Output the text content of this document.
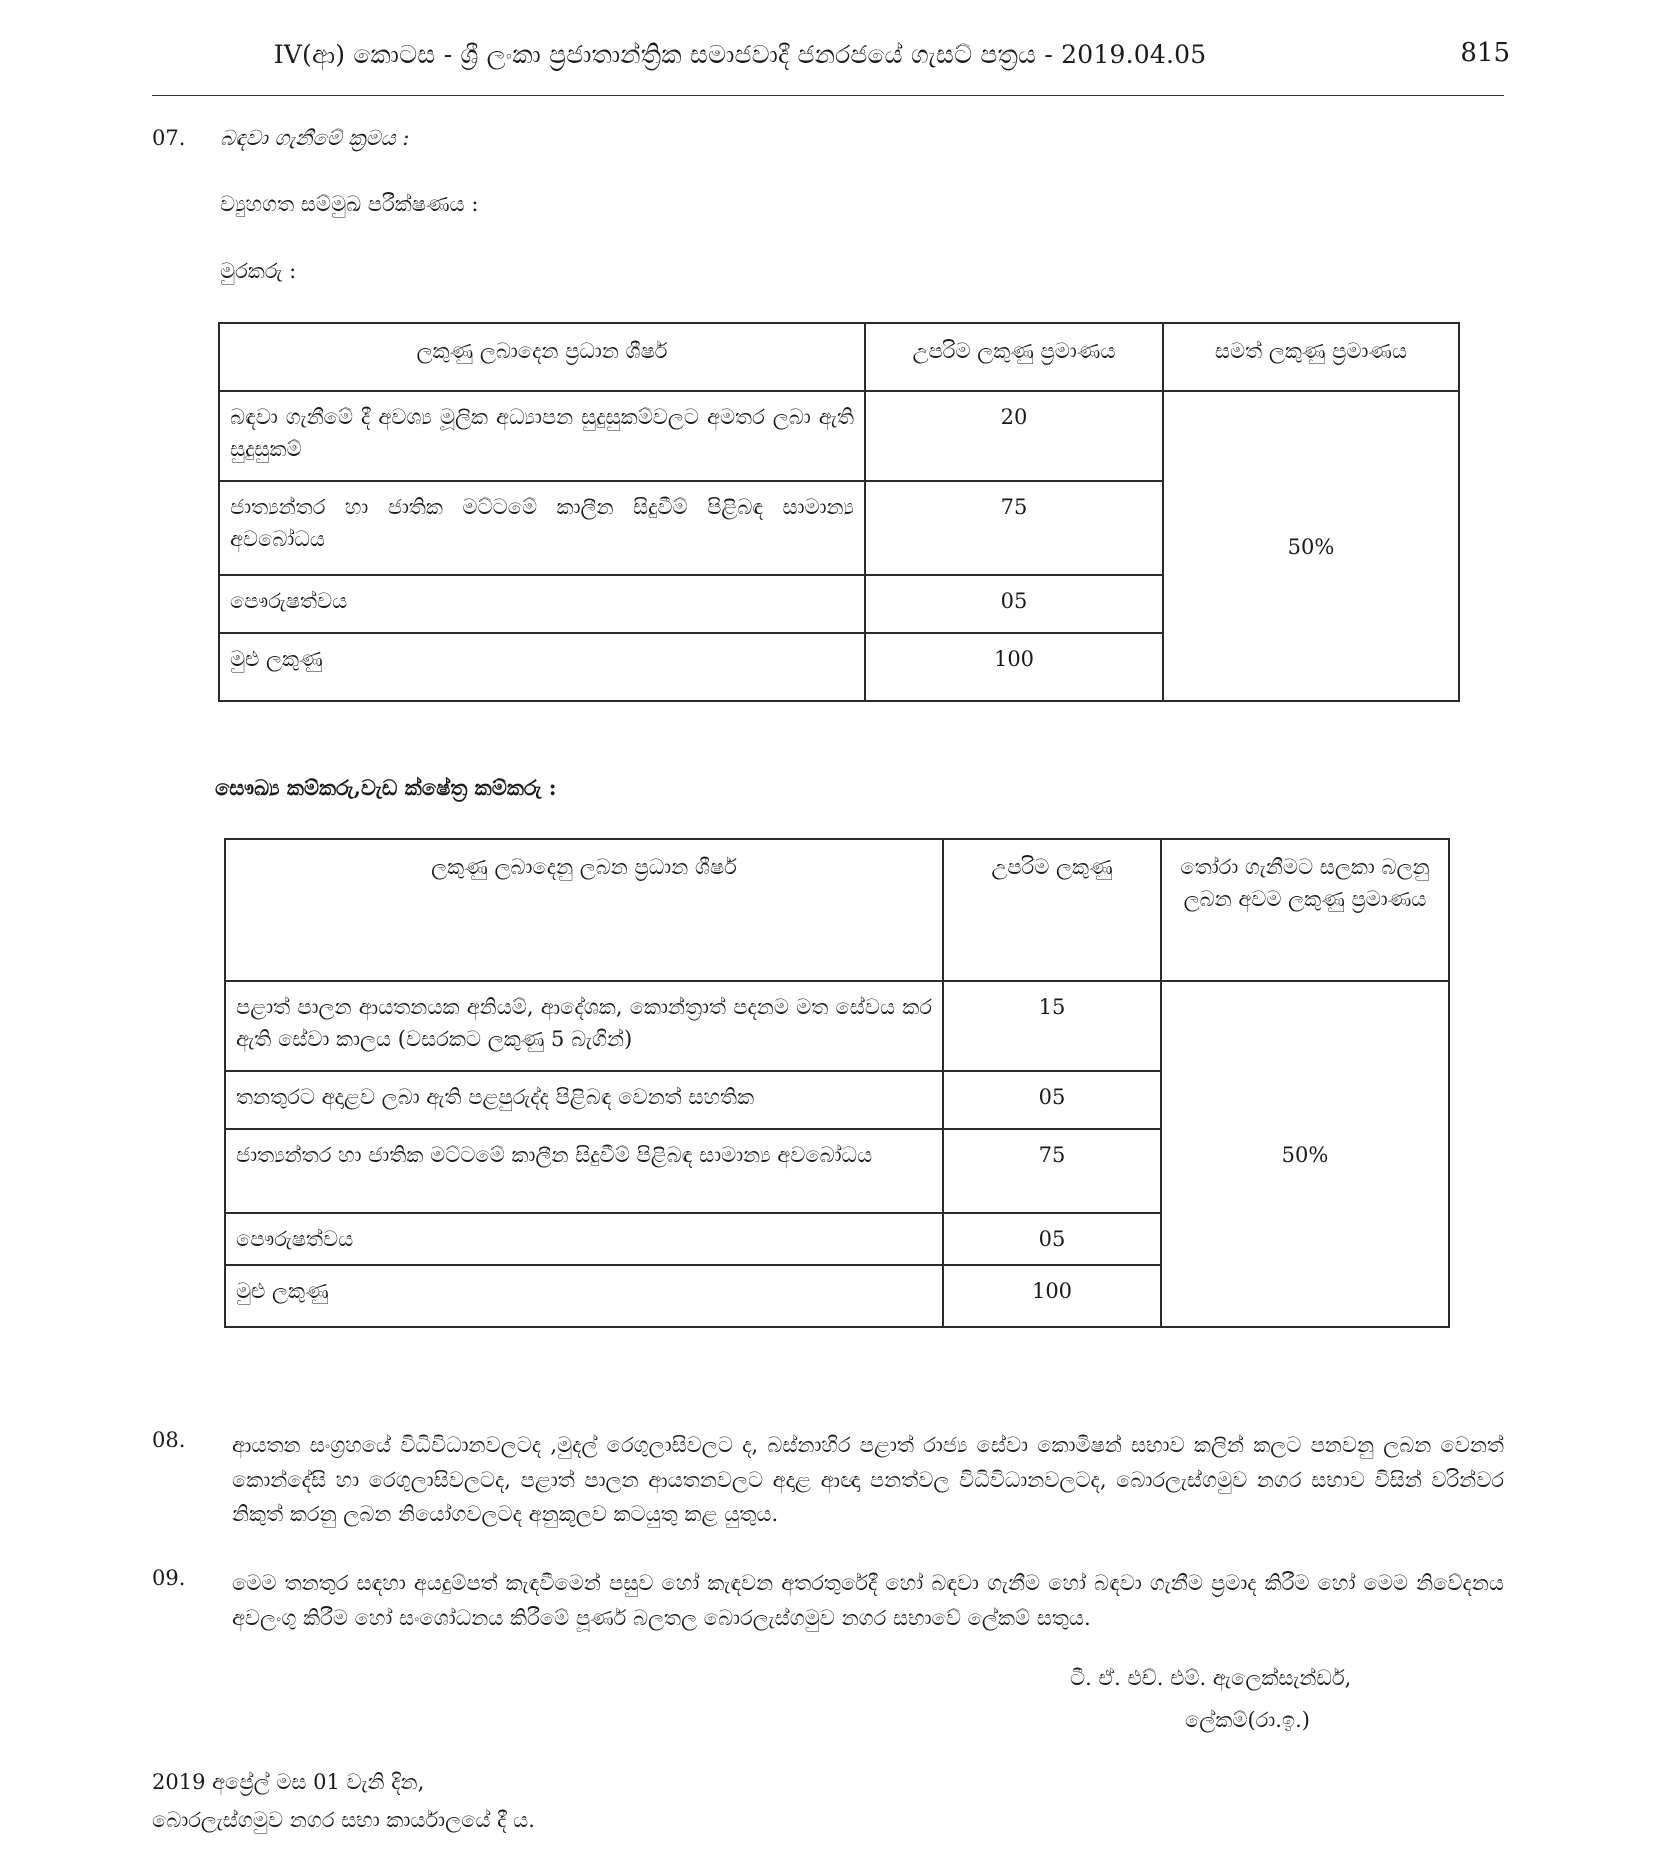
IV(ආ) කොටස - ශ්‍රී ලංකා ප්‍රජාතාන්ත්‍රික සමාජවාදී ජනරජයේ ගැසට් පත්‍රය - 2019.04.05	815
07. බඳවා ගැනීමේ ක්‍රමය :
ව්‍යුහගත සම්මුඛ පරීක්ෂණය :
මුරකරු :
ලකුණු ලබාදෙන ප්‍රධාන ශීර්ෂ	උපරිම ලකුණු ප්‍රමාණය	සමත් ලකුණු ප්‍රමාණය
බඳවා ගැනීමේ දී අවශ්‍ය මූලික අධ්‍යාපන සුදුසුකම්වලට අමතර ලබා ඇති සුදුසුකම්	20	50%
ජාත්‍යන්තර හා ජාතික මට්ටමේ කාලීන සිදුවීම් පිළිබඳ සාමාන්‍ය අවබෝධය	75	
පෞරුෂත්වය	05	
මුළු ලකුණු	100	
සෞඛ්‍ය කම්කරු,වැඩ ක්ෂේත්‍ර කම්කරු :
ලකුණු ලබාදෙනු ලබන ප්‍රධාන ශීර්ෂ	උපරිම ලකුණු	තෝරා ගැනීමට සලකා බලනු ලබන අවම ලකුණු ප්‍රමාණය
පළාත් පාලන ආයතනයක අනියම්, ආදේශක, කොන්ත්‍රාත් පදනම මත සේවය කර ඇති සේවා කාලය (වසරකට ලකුණු 5 බැගින්)	15	50%
තනතුරට අදාළව ලබා ඇති පළපුරුද්ද පිළිබඳ වෙනත් සහතික	05	
ජාත්‍යන්තර හා ජාතික මට්ටමේ කාලීන සිදුවීම් පිළිබඳ සාමාන්‍ය අවබෝධය	75	
පෞරුෂත්වය	05	
මුළු ලකුණු	100	
08. ආයතන සංග්‍රහයේ විධිවිධානවලටද ,මුදල් රෙගුලාසිවලට ද, බස්නාහිර පළාත් රාජ්‍ය සේවා කොමිෂන් සභාව කලින් කලට පනවනු ලබන වෙනත් කොන්දේසි හා රෙගුලාසිවලටද, පළාත් පාලන ආයතනවලට අදාළ ආඥා පනත්වල විධිවිධානවලටද, බොරලැස්ගමුව නගර සභාව විසින් වරින්වර නිකුත් කරනු ලබන නියෝගවලටද අනුකූලව කටයුතු කළ යුතුය.
09. මෙම තනතුර සඳහා අයදුම්පත් කැඳවීමෙන් පසුව හෝ කැඳවන අතරතුරේදී හෝ බඳවා ගැනීම හෝ බඳවා ගැනීම ප්‍රමාද කිරීම හෝ මෙම නිවේදනය අවලංගු කිරීම හෝ සංශෝධනය කිරීමේ පූර්ණ බලතල බොරලැස්ගමුව නගර සභාවේ ලේකම් සතුය.
ටී. ඒ. එච්. එම්. ඇලෙක්සැන්ඩර්,
ලේකම්(රා.ඉ.)
2019 අප්‍රේල් මස 01 වැනි දින,
බොරලැස්ගමුව නගර සභා කාර්යාලයේ දී ය.
